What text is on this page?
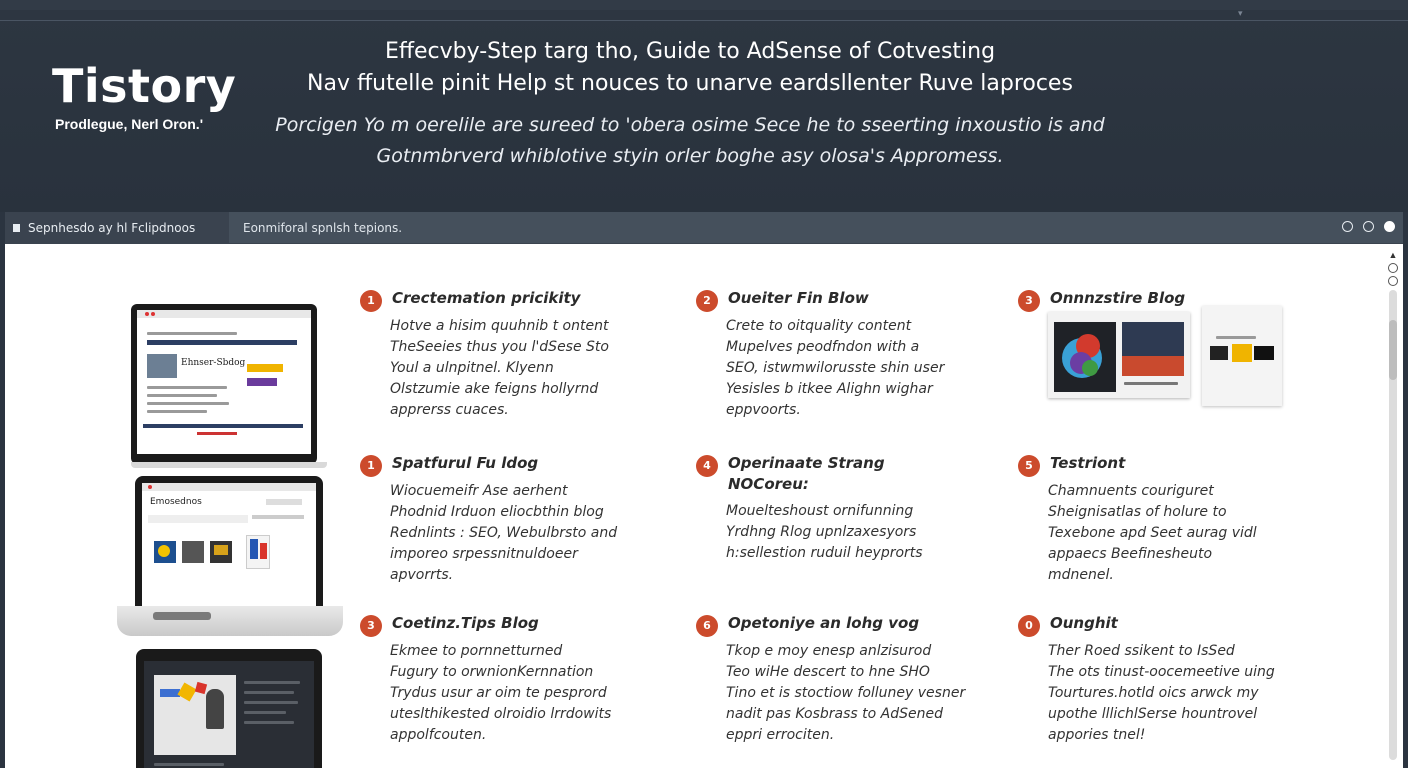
▾
Tistory
Prodlegue, Nerl Oron.'
Effecvby-Step targ tho, Guide to AdSense of Cotvesting
Nav ffutelle pinit Help st nouces to unarve eardsllenter Ruve laproces
Porcigen Yo m oerelile are sureed to 'obera osime Sece he to sseerting inxoustio is and
Gotnmbrverd whiblotive styin orler boghe asy olosa's Appromess.
Sepnhesdo ay hl Fclipdnoos	Eonmiforal spnlsh tepions.
▲
Ehnser-Sbdog
Emosednos
1	Crectemation pricikity
Hotve a hisim quuhnib t ontent
TheSeeies thus you l'dSese Sto
Youl a ulnpitnel. Klyenn
Olstzumie ake feigns hollyrnd
apprerss cuaces.
2	Oueiter Fin Blow
Crete to oitquality content
Mupelves peodfndon with a
SEO, istwmwilorusste shin user
Yesisles b itkee Alighn wighar
eppvoorts.
3	Onnnzstire Blog
1	Spatfurul Fu ldog
Wiocuemeifr Ase aerhent
Phodnid Irduon eliocbthin blog
Rednlints : SEO, Webulbrsto and
imporeo srpessnitnuldoeer
apvorrts.
4	Operinaate Strang
NOCoreu:
Mouelteshoust ornifunning
Yrdhng Rlog upnlzaxesyors
h:sellestion ruduil heyprorts
5	Testriont
Chamnuents couriguret
Sheignisatlas of holure to
Texebone apd Seet aurag vidl
appaecs Beefinesheuto
mdnenel.
3	Coetinz.Tips Blog
Ekmee to pornnetturned
Fugury to orwnionKernnation
Trydus usur ar oim te pesprord
uteslthikested olroidio lrrdowits
appolfcouten.
6	Opetoniye an lohg vog
Tkop e moy enesp anlzisurod
Teo wiHe descert to hne SHO
Tino et is stoctiow folluney vesner
nadit pas Kosbrass to AdSened
eppri errociten.
0	Ounghit
Ther Roed ssikent to IsSed
The ots tinust-oocemeetive uing
Tourtures.hotld oics arwck my
upothe lllichlSerse hountrovel
appories tnel!
